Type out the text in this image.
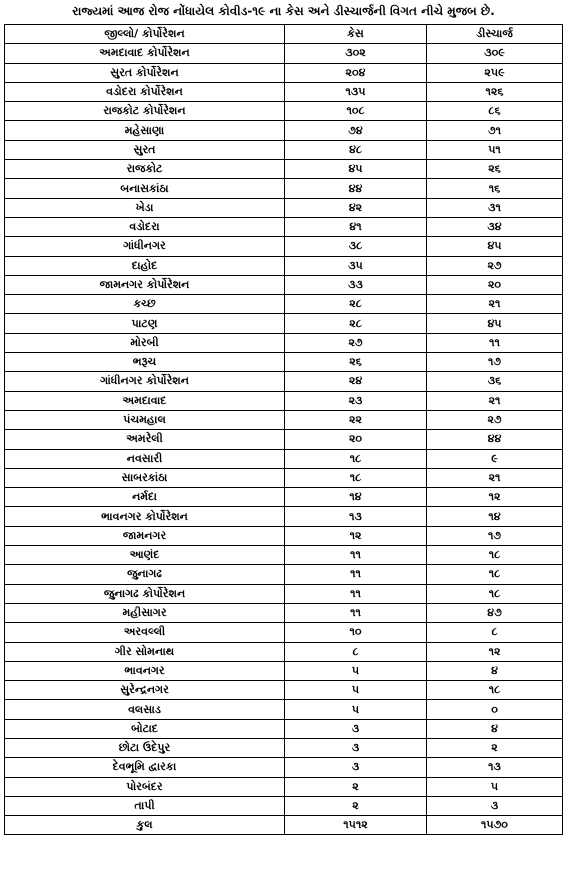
રાજ્યમાં આજ રોજ નોંધાયેલ કોવીડ-૧૯ ના કેસ અને ડીસ્ચાર્જની વિગત નીચે મુજબ છે.
જીલ્લો/ કોર્પોરેશન	કેસ	ડીસ્ચાર્જ
અમદાવાદ કોર્પોરેશન	૩૦૨	૩૦૯
સુરત કોર્પોરેશન	૨૦૪	૨૫૯
વડોદરા કોર્પોરેશન	૧૩૫	૧૨૬
રાજકોટ કોર્પોરેશન	૧૦૮	૮૬
મહેસાણા	૭૪	૭૧
સુરત	૪૮	૫૧
રાજકોટ	૪૫	૨૬
બનાસકાંઠા	૪૪	૧૬
ખેડા	૪૨	૩૧
વડોદરા	૪૧	૩૪
ગાંધીનગર	૩૮	૪૫
દાહોદ	૩૫	૨૭
જામનગર કોર્પોરેશન	૩૩	૨૦
કચ્છ	૨૮	૨૧
પાટણ	૨૮	૪૫
મોરબી	૨૭	૧૧
ભરૂચ	૨૬	૧૭
ગાંધીનગર કોર્પોરેશન	૨૪	૩૬
અમદાવાદ	૨૩	૨૧
પંચમહાલ	૨૨	૨૭
અમરેલી	૨૦	૪૪
નવસારી	૧૮	૯
સાબરકાંઠા	૧૮	૨૧
નર્મદા	૧૪	૧૨
ભાવનગર કોર્પોરેશન	૧૩	૧૪
જામનગર	૧૨	૧૭
આણંદ	૧૧	૧૮
જુનાગઢ	૧૧	૧૮
જુનાગઢ કોર્પોરેશન	૧૧	૧૮
મહીસાગર	૧૧	૪૭
અરવલ્લી	૧૦	૮
ગીર સોમનાથ	૮	૧૨
ભાવનગર	૫	૪
સુરેન્દ્રનગર	૫	૧૮
વલસાડ	૫	૦
બોટાદ	૩	૪
છોટા ઉદેપુર	૩	૨
દેવભૂમિ દ્વારકા	૩	૧૩
પોરબંદર	૨	૫
તાપી	૨	૩
કુલ	૧૫૧૨	૧૫૭૦
